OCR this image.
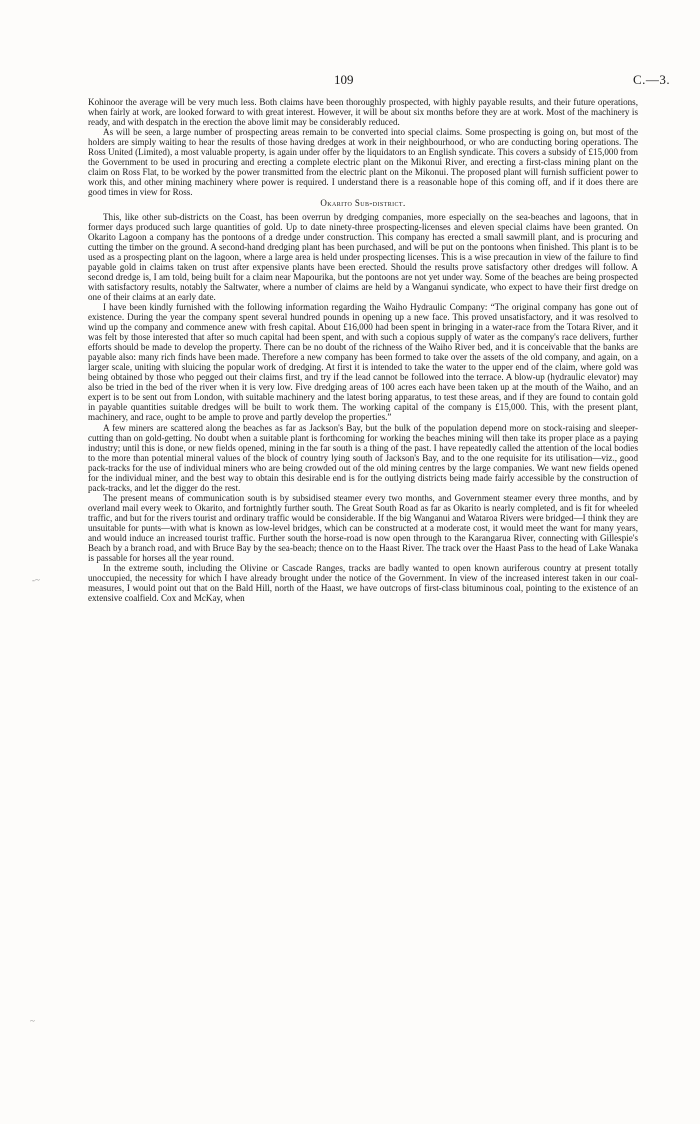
109	C.—3.

Kohinoor the average will be very much less. Both claims have been thoroughly prospected, with highly payable results, and their future operations, when fairly at work, are looked forward to with great interest. However, it will be about six months before they are at work. Most of the machinery is ready, and with despatch in the erection the above limit may be considerably reduced.

As will be seen, a large number of prospecting areas remain to be converted into special claims. Some prospecting is going on, but most of the holders are simply waiting to hear the results of those having dredges at work in their neighbourhood, or who are conducting boring operations. The Ross United (Limited), a most valuable property, is again under offer by the liquidators to an English syndicate. This covers a subsidy of £15,000 from the Government to be used in procuring and erecting a complete electric plant on the Mikonui River, and erecting a first-class mining plant on the claim on Ross Flat, to be worked by the power transmitted from the electric plant on the Mikonui. The proposed plant will furnish sufficient power to work this, and other mining machinery where power is required. I understand there is a reasonable hope of this coming off, and if it does there are good times in view for Ross.

Okarito Sub-district.

This, like other sub-districts on the Coast, has been overrun by dredging companies, more especially on the sea-beaches and lagoons, that in former days produced such large quantities of gold. Up to date ninety-three prospecting-licenses and eleven special claims have been granted. On Okarito Lagoon a company has the pontoons of a dredge under construction. This company has erected a small sawmill plant, and is procuring and cutting the timber on the ground. A second-hand dredging plant has been purchased, and will be put on the pontoons when finished. This plant is to be used as a prospecting plant on the lagoon, where a large area is held under prospecting licenses. This is a wise precaution in view of the failure to find payable gold in claims taken on trust after expensive plants have been erected. Should the results prove satisfactory other dredges will follow. A second dredge is, I am told, being built for a claim near Mapourika, but the pontoons are not yet under way. Some of the beaches are being prospected with satisfactory results, notably the Saltwater, where a number of claims are held by a Wanganui syndicate, who expect to have their first dredge on one of their claims at an early date.

I have been kindly furnished with the following information regarding the Waiho Hydraulic Company: “The original company has gone out of existence. During the year the company spent several hundred pounds in opening up a new face. This proved unsatisfactory, and it was resolved to wind up the company and commence anew with fresh capital. About £16,000 had been spent in bringing in a water-race from the Totara River, and it was felt by those interested that after so much capital had been spent, and with such a copious supply of water as the company's race delivers, further efforts should be made to develop the property. There can be no doubt of the richness of the Waiho River bed, and it is conceivable that the banks are payable also: many rich finds have been made. Therefore a new company has been formed to take over the assets of the old company, and again, on a larger scale, uniting with sluicing the popular work of dredging. At first it is intended to take the water to the upper end of the claim, where gold was being obtained by those who pegged out their claims first, and try if the lead cannot be followed into the terrace. A blow-up (hydraulic elevator) may also be tried in the bed of the river when it is very low. Five dredging areas of 100 acres each have been taken up at the mouth of the Waiho, and an expert is to be sent out from London, with suitable machinery and the latest boring apparatus, to test these areas, and if they are found to contain gold in payable quantities suitable dredges will be built to work them. The working capital of the company is £15,000. This, with the present plant, machinery, and race, ought to be ample to prove and partly develop the properties.”

A few miners are scattered along the beaches as far as Jackson's Bay, but the bulk of the population depend more on stock-raising and sleeper-cutting than on gold-getting. No doubt when a suitable plant is forthcoming for working the beaches mining will then take its proper place as a paying industry; until this is done, or new fields opened, mining in the far south is a thing of the past. I have repeatedly called the attention of the local bodies to the more than potential mineral values of the block of country lying south of Jackson's Bay, and to the one requisite for its utilisation—viz., good pack-tracks for the use of individual miners who are being crowded out of the old mining centres by the large companies. We want new fields opened for the individual miner, and the best way to obtain this desirable end is for the outlying districts being made fairly accessible by the construction of pack-tracks, and let the digger do the rest.

The present means of communication south is by subsidised steamer every two months, and Government steamer every three months, and by overland mail every week to Okarito, and fortnightly further south. The Great South Road as far as Okarito is nearly completed, and is fit for wheeled traffic, and but for the rivers tourist and ordinary traffic would be considerable. If the big Wanganui and Wataroa Rivers were bridged—I think they are unsuitable for punts—with what is known as low-level bridges, which can be constructed at a moderate cost, it would meet the want for many years, and would induce an increased tourist traffic. Further south the horse-road is now open through to the Karangarua River, connecting with Gillespie's Beach by a branch road, and with Bruce Bay by the sea-beach; thence on to the Haast River. The track over the Haast Pass to the head of Lake Wanaka is passable for horses all the year round.

In the extreme south, including the Olivine or Cascade Ranges, tracks are badly wanted to open known auriferous country at present totally unoccupied, the necessity for which I have already brought under the notice of the Government. In view of the increased interest taken in our coal-measures, I would point out that on the Bald Hill, north of the Haast, we have outcrops of first-class bituminous coal, pointing to the existence of an extensive coalfield. Cox and McKay, when

-~
~
